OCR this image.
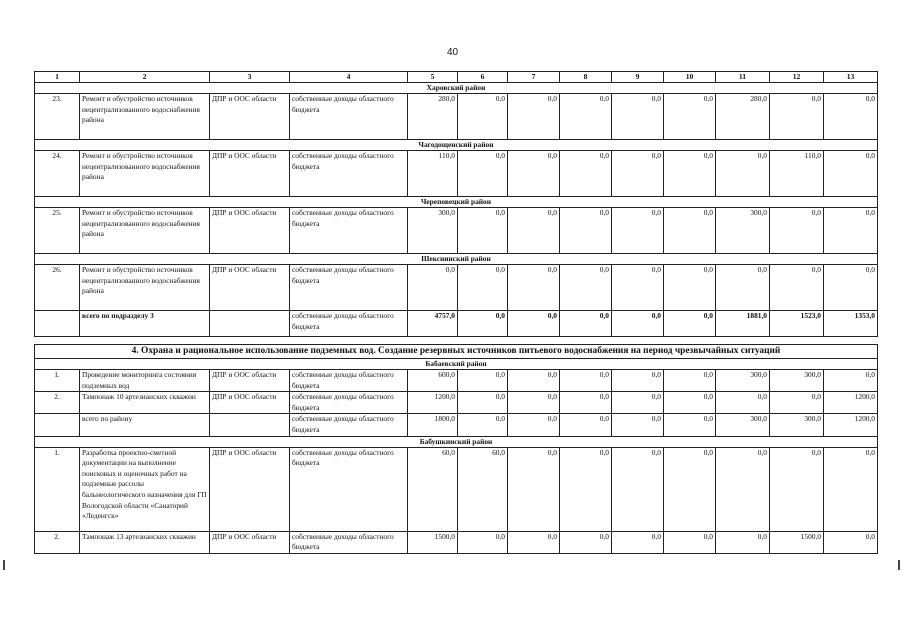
40
1	2	3	4	5	6	7	8	9	10	11	12	13
Харовский район												
23.	Ремонт и обустройство источников нецентрализованного водоснабжения района	ДПР и ООС области	собственные доходы областного бюджета	280,0	0,0	0,0	0,0	0,0	0,0	280,0	0,0	0,0
Чагодощенский район												
24.	Ремонт и обустройство источников нецентрализованного водоснабжения района	ДПР и ООС области	собственные доходы областного бюджета	110,0	0,0	0,0	0,0	0,0	0,0	0,0	110,0	0,0
Череповецкий район												
25.	Ремонт и обустройство источников нецентрализованного водоснабжения района	ДПР и ООС области	собственные доходы областного бюджета	300,0	0,0	0,0	0,0	0,0	0,0	300,0	0,0	0,0
Шекснинский район												
26.	Ремонт и обустройство источников нецентрализованного водоснабжения района	ДПР и ООС области	собственные доходы областного бюджета	0,0	0,0	0,0	0,0	0,0	0,0	0,0	0,0	0,0
	всего по подразделу 3		собственные доходы областного бюджета	4757,0	0,0	0,0	0,0	0,0	0,0	1881,0	1523,0	1353,0

4. Охрана и рациональное использование подземных вод. Создание резервных источников питьевого водоснабжения на период чрезвычайных ситуаций												
Бабаевский район												
1.	Проведение мониторинга состояния подземных вод	ДПР и ООС области	собственные доходы областного бюджета	600,0	0,0	0,0	0,0	0,0	0,0	300,0	300,0	0,0
2.	Тампонаж 10 артезианских скважин	ДПР и ООС области	собственные доходы областного бюджета	1200,0	0,0	0,0	0,0	0,0	0,0	0,0	0,0	1200,0
	всего по району		собственные доходы областного бюджета	1800,0	0,0	0,0	0,0	0,0	0,0	300,0	300,0	1200,0
Бабушкинский район												
1.	Разработка проектно-сметной документации на выполнение поисковых и оценочных работ на подземные рассолы бальнеологического назначения для ГП Вологодской области «Санаторий «Леденгск»	ДПР и ООС области	собственные доходы областного бюджета	60,0	60,0	0,0	0,0	0,0	0,0	0,0	0,0	0,0
2.	Тампонаж 13 артезианских скважин	ДПР и ООС области	собственные доходы областного бюджета	1500,0	0,0	0,0	0,0	0,0	0,0	0,0	1500,0	0,0
